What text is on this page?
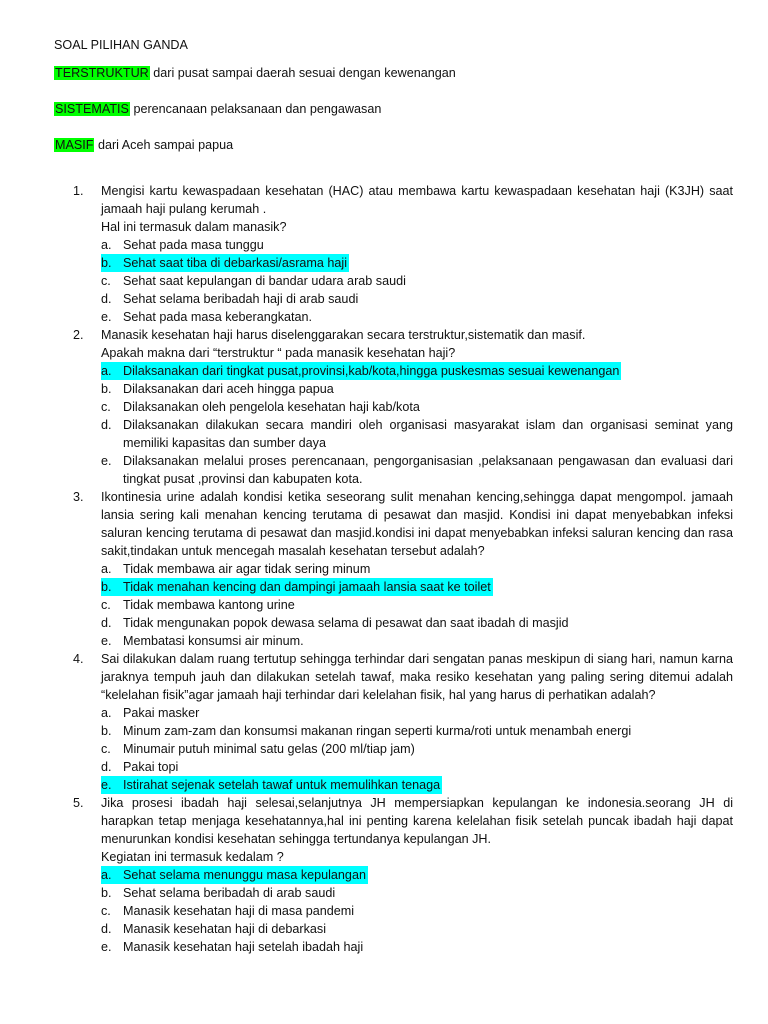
SOAL PILIHAN GANDA
TERSTRUKTUR dari pusat sampai daerah sesuai dengan kewenangan
SISTEMATIS perencanaan pelaksanaan dan pengawasan
MASIF dari Aceh sampai papua
1.	Mengisi kartu kewaspadaan kesehatan (HAC) atau membawa kartu kewaspadaan kesehatan haji (K3JH) saat jamaah haji pulang kerumah .
Hal ini termasuk dalam manasik?
a. Sehat pada masa tunggu
b. Sehat saat tiba di debarkasi/asrama haji
c. Sehat saat kepulangan di bandar udara arab saudi
d. Sehat selama beribadah haji di arab saudi
e. Sehat pada masa keberangkatan.
2.	Manasik kesehatan haji harus diselenggarakan secara terstruktur,sistematik dan masif.
Apakah makna dari “terstruktur “ pada manasik kesehatan haji?
a. Dilaksanakan dari tingkat pusat,provinsi,kab/kota,hingga puskesmas sesuai kewenangan
b. Dilaksanakan dari aceh hingga papua
c. Dilaksanakan oleh pengelola kesehatan haji kab/kota
d. Dilaksanakan dilakukan secara mandiri oleh organisasi masyarakat islam dan organisasi seminat yang memiliki kapasitas dan sumber daya
e. Dilaksanakan melalui proses perencanaan, pengorganisasian ,pelaksanaan pengawasan dan evaluasi dari tingkat pusat ,provinsi dan kabupaten kota.
3.	Ikontinesia urine adalah kondisi ketika seseorang sulit menahan kencing,sehingga dapat mengompol. jamaah lansia sering kali menahan kencing terutama di pesawat dan masjid. Kondisi ini dapat menyebabkan infeksi saluran kencing terutama di pesawat dan masjid.kondisi ini dapat menyebabkan infeksi saluran kencing dan rasa sakit,tindakan untuk mencegah masalah kesehatan tersebut adalah?
a. Tidak membawa air agar tidak sering minum
b. Tidak menahan kencing dan dampingi jamaah lansia saat ke toilet
c. Tidak membawa kantong urine
d. Tidak mengunakan popok dewasa selama di pesawat dan saat ibadah di masjid
e. Membatasi konsumsi air minum.
4.	Sai dilakukan dalam ruang tertutup sehingga terhindar dari sengatan panas meskipun di siang hari, namun karna jaraknya tempuh jauh dan dilakukan setelah tawaf, maka resiko kesehatan yang paling sering ditemui adalah “kelelahan fisik”agar jamaah haji terhindar dari kelelahan fisik, hal yang harus di perhatikan adalah?
a. Pakai masker
b. Minum zam-zam dan konsumsi makanan ringan seperti kurma/roti untuk menambah energi
c. Minumair putuh minimal satu gelas (200 ml/tiap jam)
d. Pakai topi
e. Istirahat sejenak setelah tawaf untuk memulihkan tenaga
5.	Jika prosesi ibadah haji selesai,selanjutnya JH mempersiapkan kepulangan ke indonesia.seorang JH di harapkan tetap menjaga kesehatannya,hal ini penting karena kelelahan fisik setelah puncak ibadah haji dapat menurunkan kondisi kesehatan sehingga tertundanya kepulangan JH.
Kegiatan ini termasuk kedalam ?
a. Sehat selama menunggu masa kepulangan
b. Sehat selama beribadah di arab saudi
c. Manasik kesehatan haji di masa pandemi
d. Manasik kesehatan haji di debarkasi
e. Manasik kesehatan haji setelah ibadah haji
